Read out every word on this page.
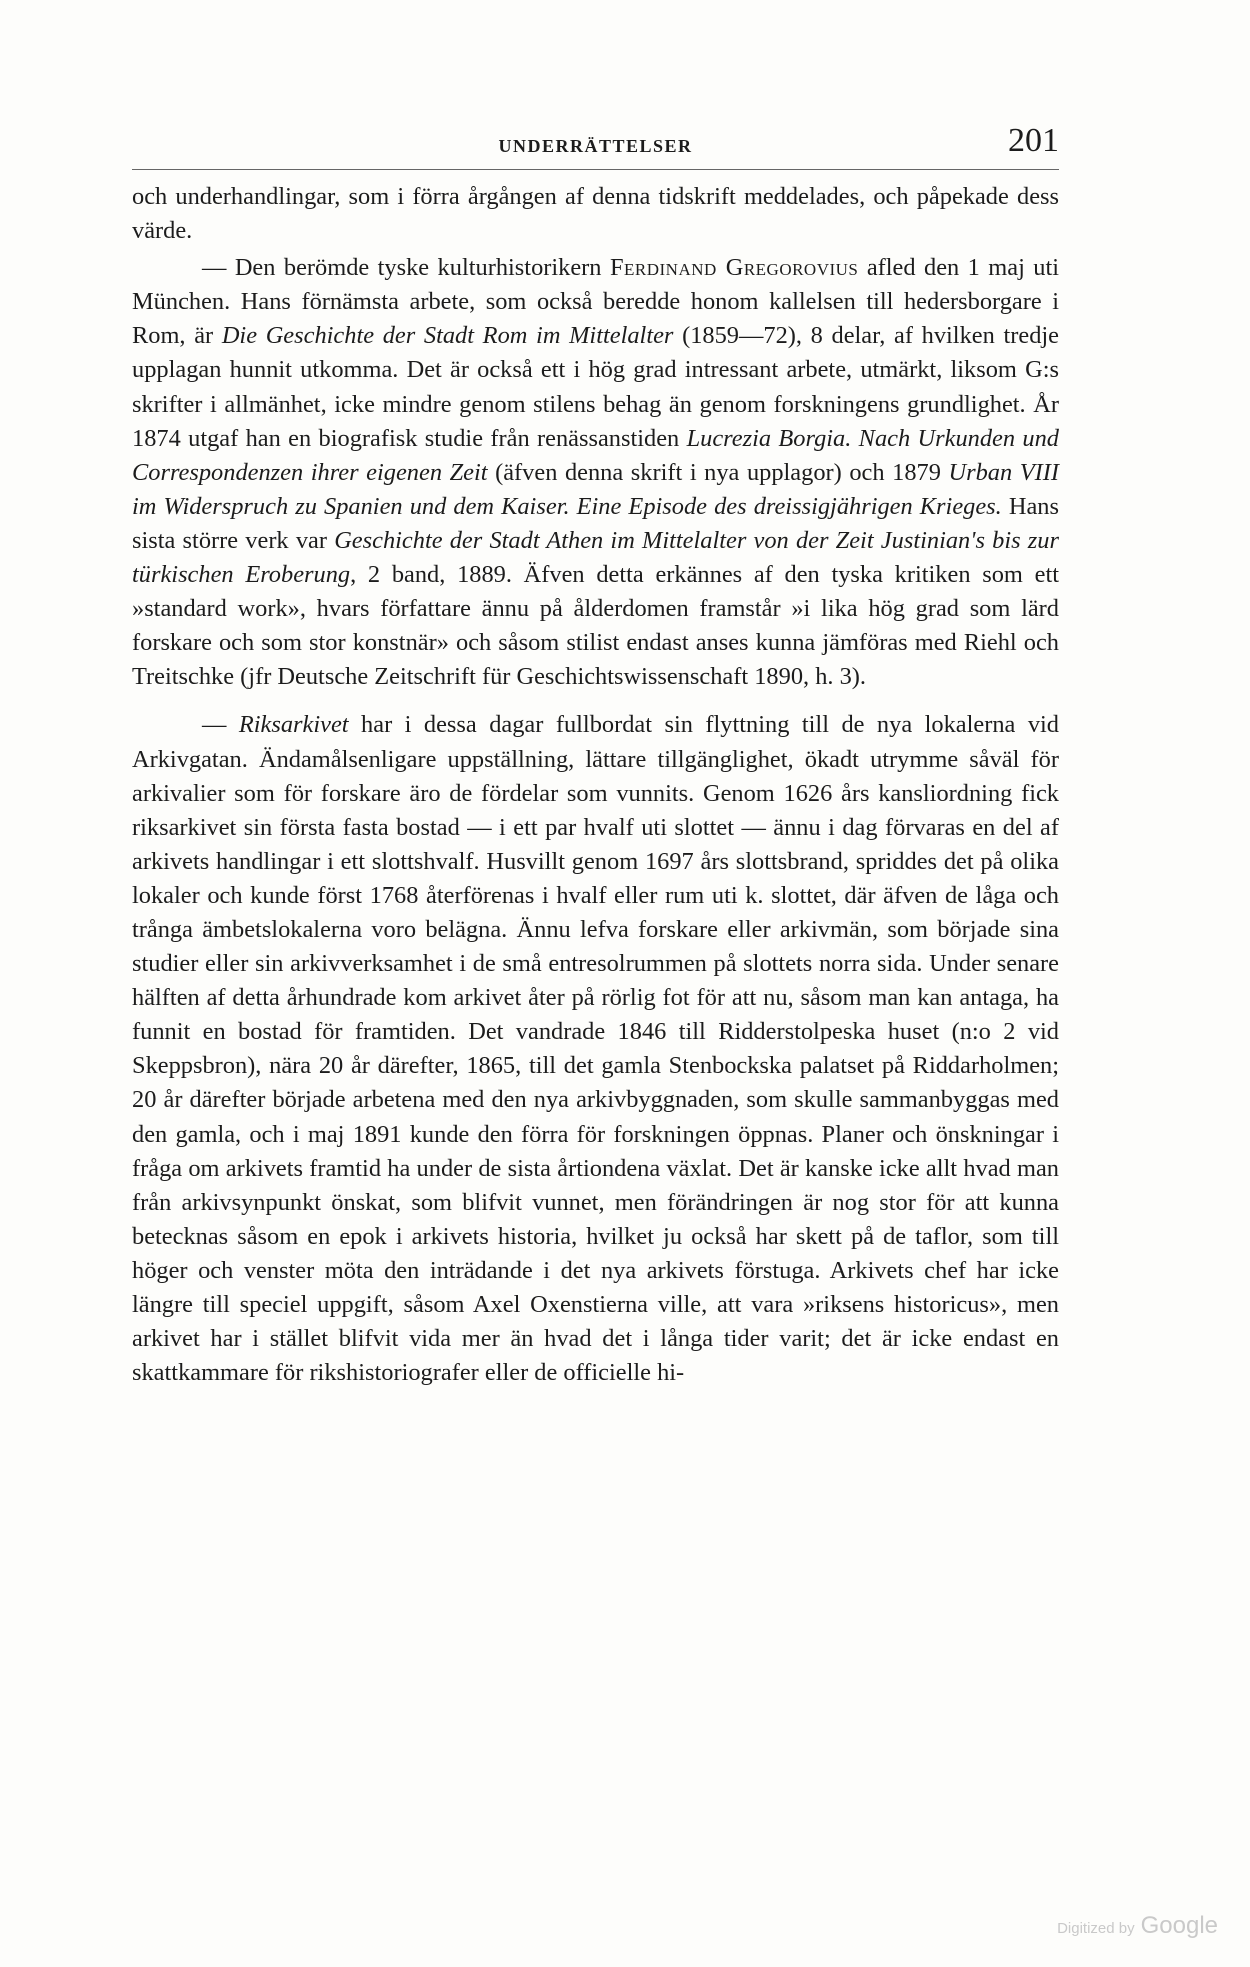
UNDERRÄTTELSER	201

och underhandlingar, som i förra årgången af denna tidskrift meddelades, och påpekade dess värde.

— Den berömde tyske kulturhistorikern Ferdinand Gregorovius afled den 1 maj uti München. Hans förnämsta arbete, som också beredde honom kallelsen till hedersborgare i Rom, är Die Geschichte der Stadt Rom im Mittelalter (1859—72), 8 delar, af hvilken tredje upplagan hunnit utkomma. Det är också ett i hög grad intressant arbete, utmärkt, liksom G:s skrifter i allmänhet, icke mindre genom stilens behag än genom forskningens grundlighet. År 1874 utgaf han en biografisk studie från renässanstiden Lucrezia Borgia. Nach Urkunden und Correspondenzen ihrer eigenen Zeit (äfven denna skrift i nya upplagor) och 1879 Urban VIII im Widerspruch zu Spanien und dem Kaiser. Eine Episode des dreissigjährigen Krieges. Hans sista större verk var Geschichte der Stadt Athen im Mittelalter von der Zeit Justinian's bis zur türkischen Eroberung, 2 band, 1889. Äfven detta erkännes af den tyska kritiken som ett »standard work», hvars författare ännu på ålderdomen framstår »i lika hög grad som lärd forskare och som stor konstnär» och såsom stilist endast anses kunna jämföras med Riehl och Treitschke (jfr Deutsche Zeitschrift für Geschichtswissenschaft 1890, h. 3).

— Riksarkivet har i dessa dagar fullbordat sin flyttning till de nya lokalerna vid Arkivgatan. Ändamålsenligare uppställning, lättare tillgänglighet, ökadt utrymme såväl för arkivalier som för forskare äro de fördelar som vunnits. Genom 1626 års kansliordning fick riksarkivet sin första fasta bostad — i ett par hvalf uti slottet — ännu i dag förvaras en del af arkivets handlingar i ett slottshvalf. Husvillt genom 1697 års slottsbrand, spriddes det på olika lokaler och kunde först 1768 återförenas i hvalf eller rum uti k. slottet, där äfven de låga och trånga ämbetslokalerna voro belägna. Ännu lefva forskare eller arkivmän, som började sina studier eller sin arkivverksamhet i de små entresolrummen på slottets norra sida. Under senare hälften af detta århundrade kom arkivet åter på rörlig fot för att nu, såsom man kan antaga, ha funnit en bostad för framtiden. Det vandrade 1846 till Ridderstolpeska huset (n:o 2 vid Skeppsbron), nära 20 år därefter, 1865, till det gamla Stenbockska palatset på Riddarholmen; 20 år därefter började arbetena med den nya arkivbyggnaden, som skulle sammanbyggas med den gamla, och i maj 1891 kunde den förra för forskningen öppnas. Planer och önskningar i fråga om arkivets framtid ha under de sista årtiondena växlat. Det är kanske icke allt hvad man från arkivsynpunkt önskat, som blifvit vunnet, men förändringen är nog stor för att kunna betecknas såsom en epok i arkivets historia, hvilket ju också har skett på de taflor, som till höger och venster möta den inträdande i det nya arkivets förstuga. Arkivets chef har icke längre till speciel uppgift, såsom Axel Oxenstierna ville, att vara »riksens historicus», men arkivet har i stället blifvit vida mer än hvad det i långa tider varit; det är icke endast en skattkammare för rikshistoriografer eller de officielle hi-

Digitized by Google
